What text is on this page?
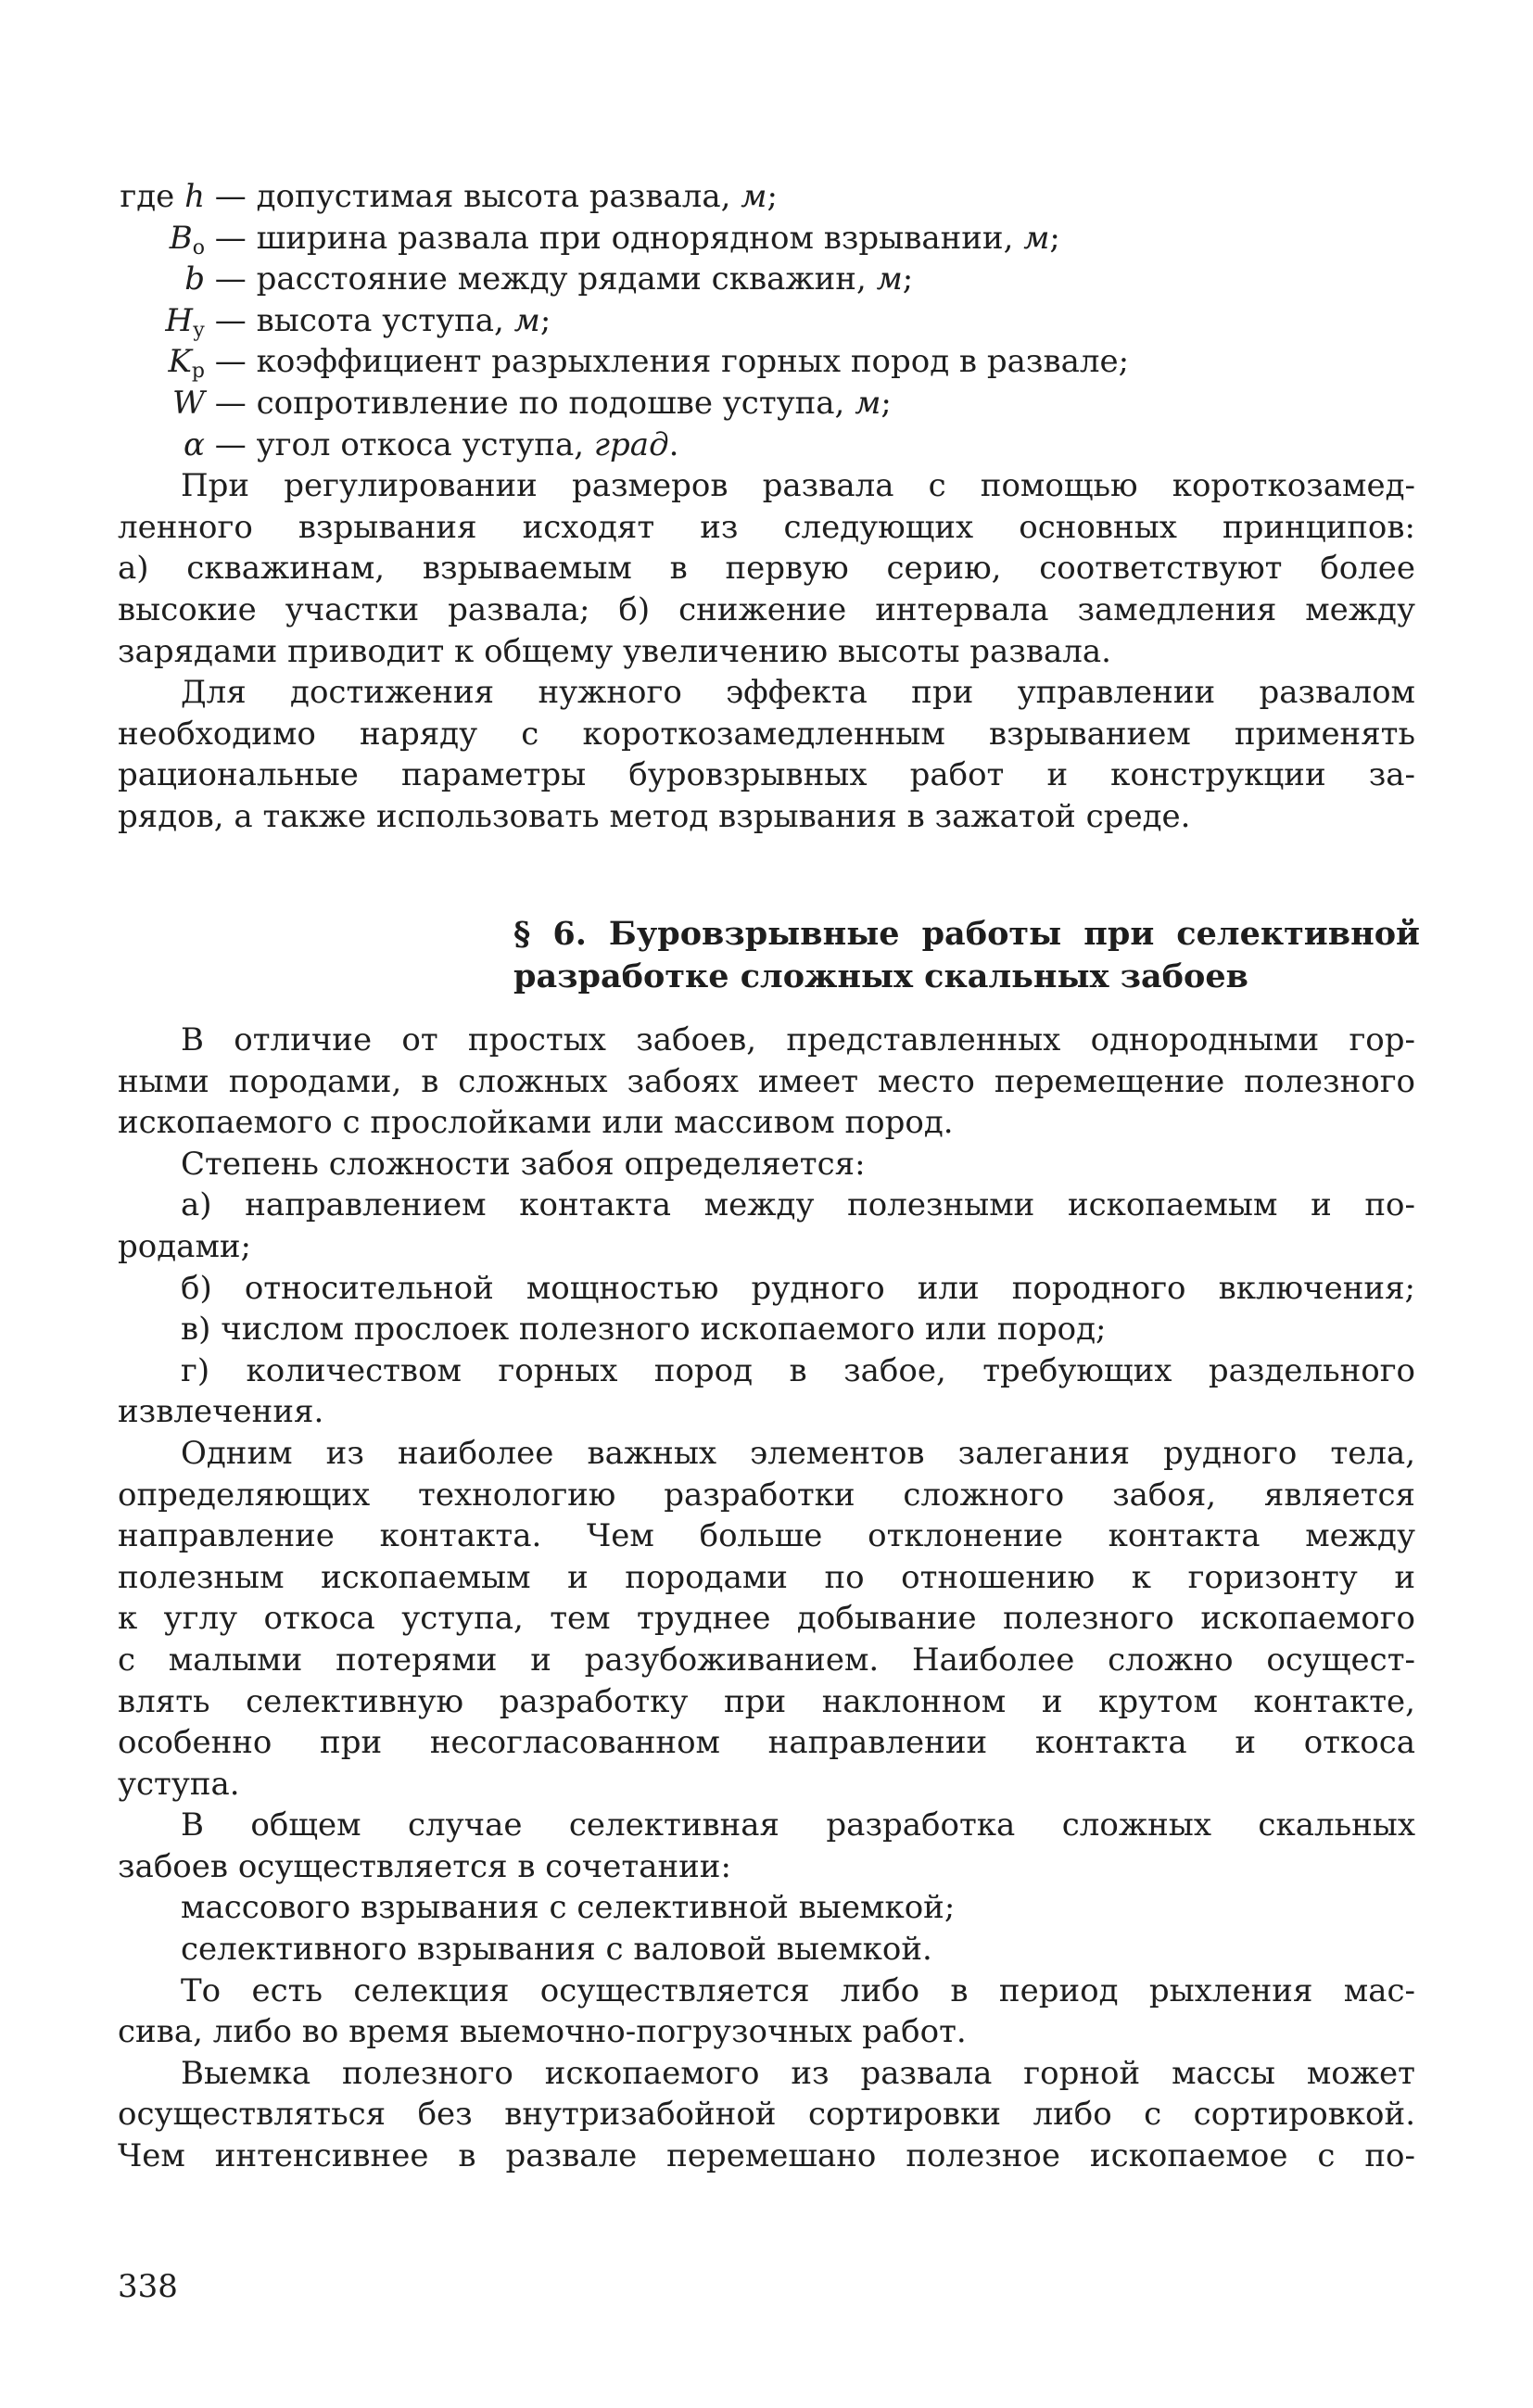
где h — допустимая высота развала, м;
$B_о$ — ширина развала при однорядном взрывании, м;
b — расстояние между рядами скважин, м;
$H_у$ — высота уступа, м;
$K_р$ — коэффициент разрыхления горных пород в развале;
W — сопротивление по подошве уступа, м;
α — угол откоса уступа, град.
При регулировании размеров развала с помощью короткозамед-
ленного взрывания исходят из следующих основных принципов:
а) скважинам, взрываемым в первую серию, соответствуют более
высокие участки развала; б) снижение интервала замедления между
зарядами приводит к общему увеличению высоты развала.
Для достижения нужного эффекта при управлении развалом
необходимо наряду с короткозамедленным взрыванием применять
рациональные параметры буровзрывных работ и конструкции за-
рядов, а также использовать метод взрывания в зажатой среде.
§ 6. Буровзрывные работы при селективной
разработке сложных скальных забоев
В отличие от простых забоев, представленных однородными гор-
ными породами, в сложных забоях имеет место перемещение полезного
ископаемого с прослойками или массивом пород.
Степень сложности забоя определяется:
а) направлением контакта между полезными ископаемым и по-
родами;
б) относительной мощностью рудного или породного включения;
в) числом прослоек полезного ископаемого или пород;
г) количеством горных пород в забое, требующих раздельного
извлечения.
Одним из наиболее важных элементов залегания рудного тела,
определяющих технологию разработки сложного забоя, является
направление контакта. Чем больше отклонение контакта между
полезным ископаемым и породами по отношению к горизонту и
к углу откоса уступа, тем труднее добывание полезного ископаемого
с малыми потерями и разубоживанием. Наиболее сложно осущест-
влять селективную разработку при наклонном и крутом контакте,
особенно при несогласованном направлении контакта и откоса
уступа.
В общем случае селективная разработка сложных скальных
забоев осуществляется в сочетании:
массового взрывания с селективной выемкой;
селективного взрывания с валовой выемкой.
То есть селекция осуществляется либо в период рыхления мас-
сива, либо во время выемочно-погрузочных работ.
Выемка полезного ископаемого из развала горной массы может
осуществляться без внутризабойной сортировки либо с сортировкой.
Чем интенсивнее в развале перемешано полезное ископаемое с по-
338
